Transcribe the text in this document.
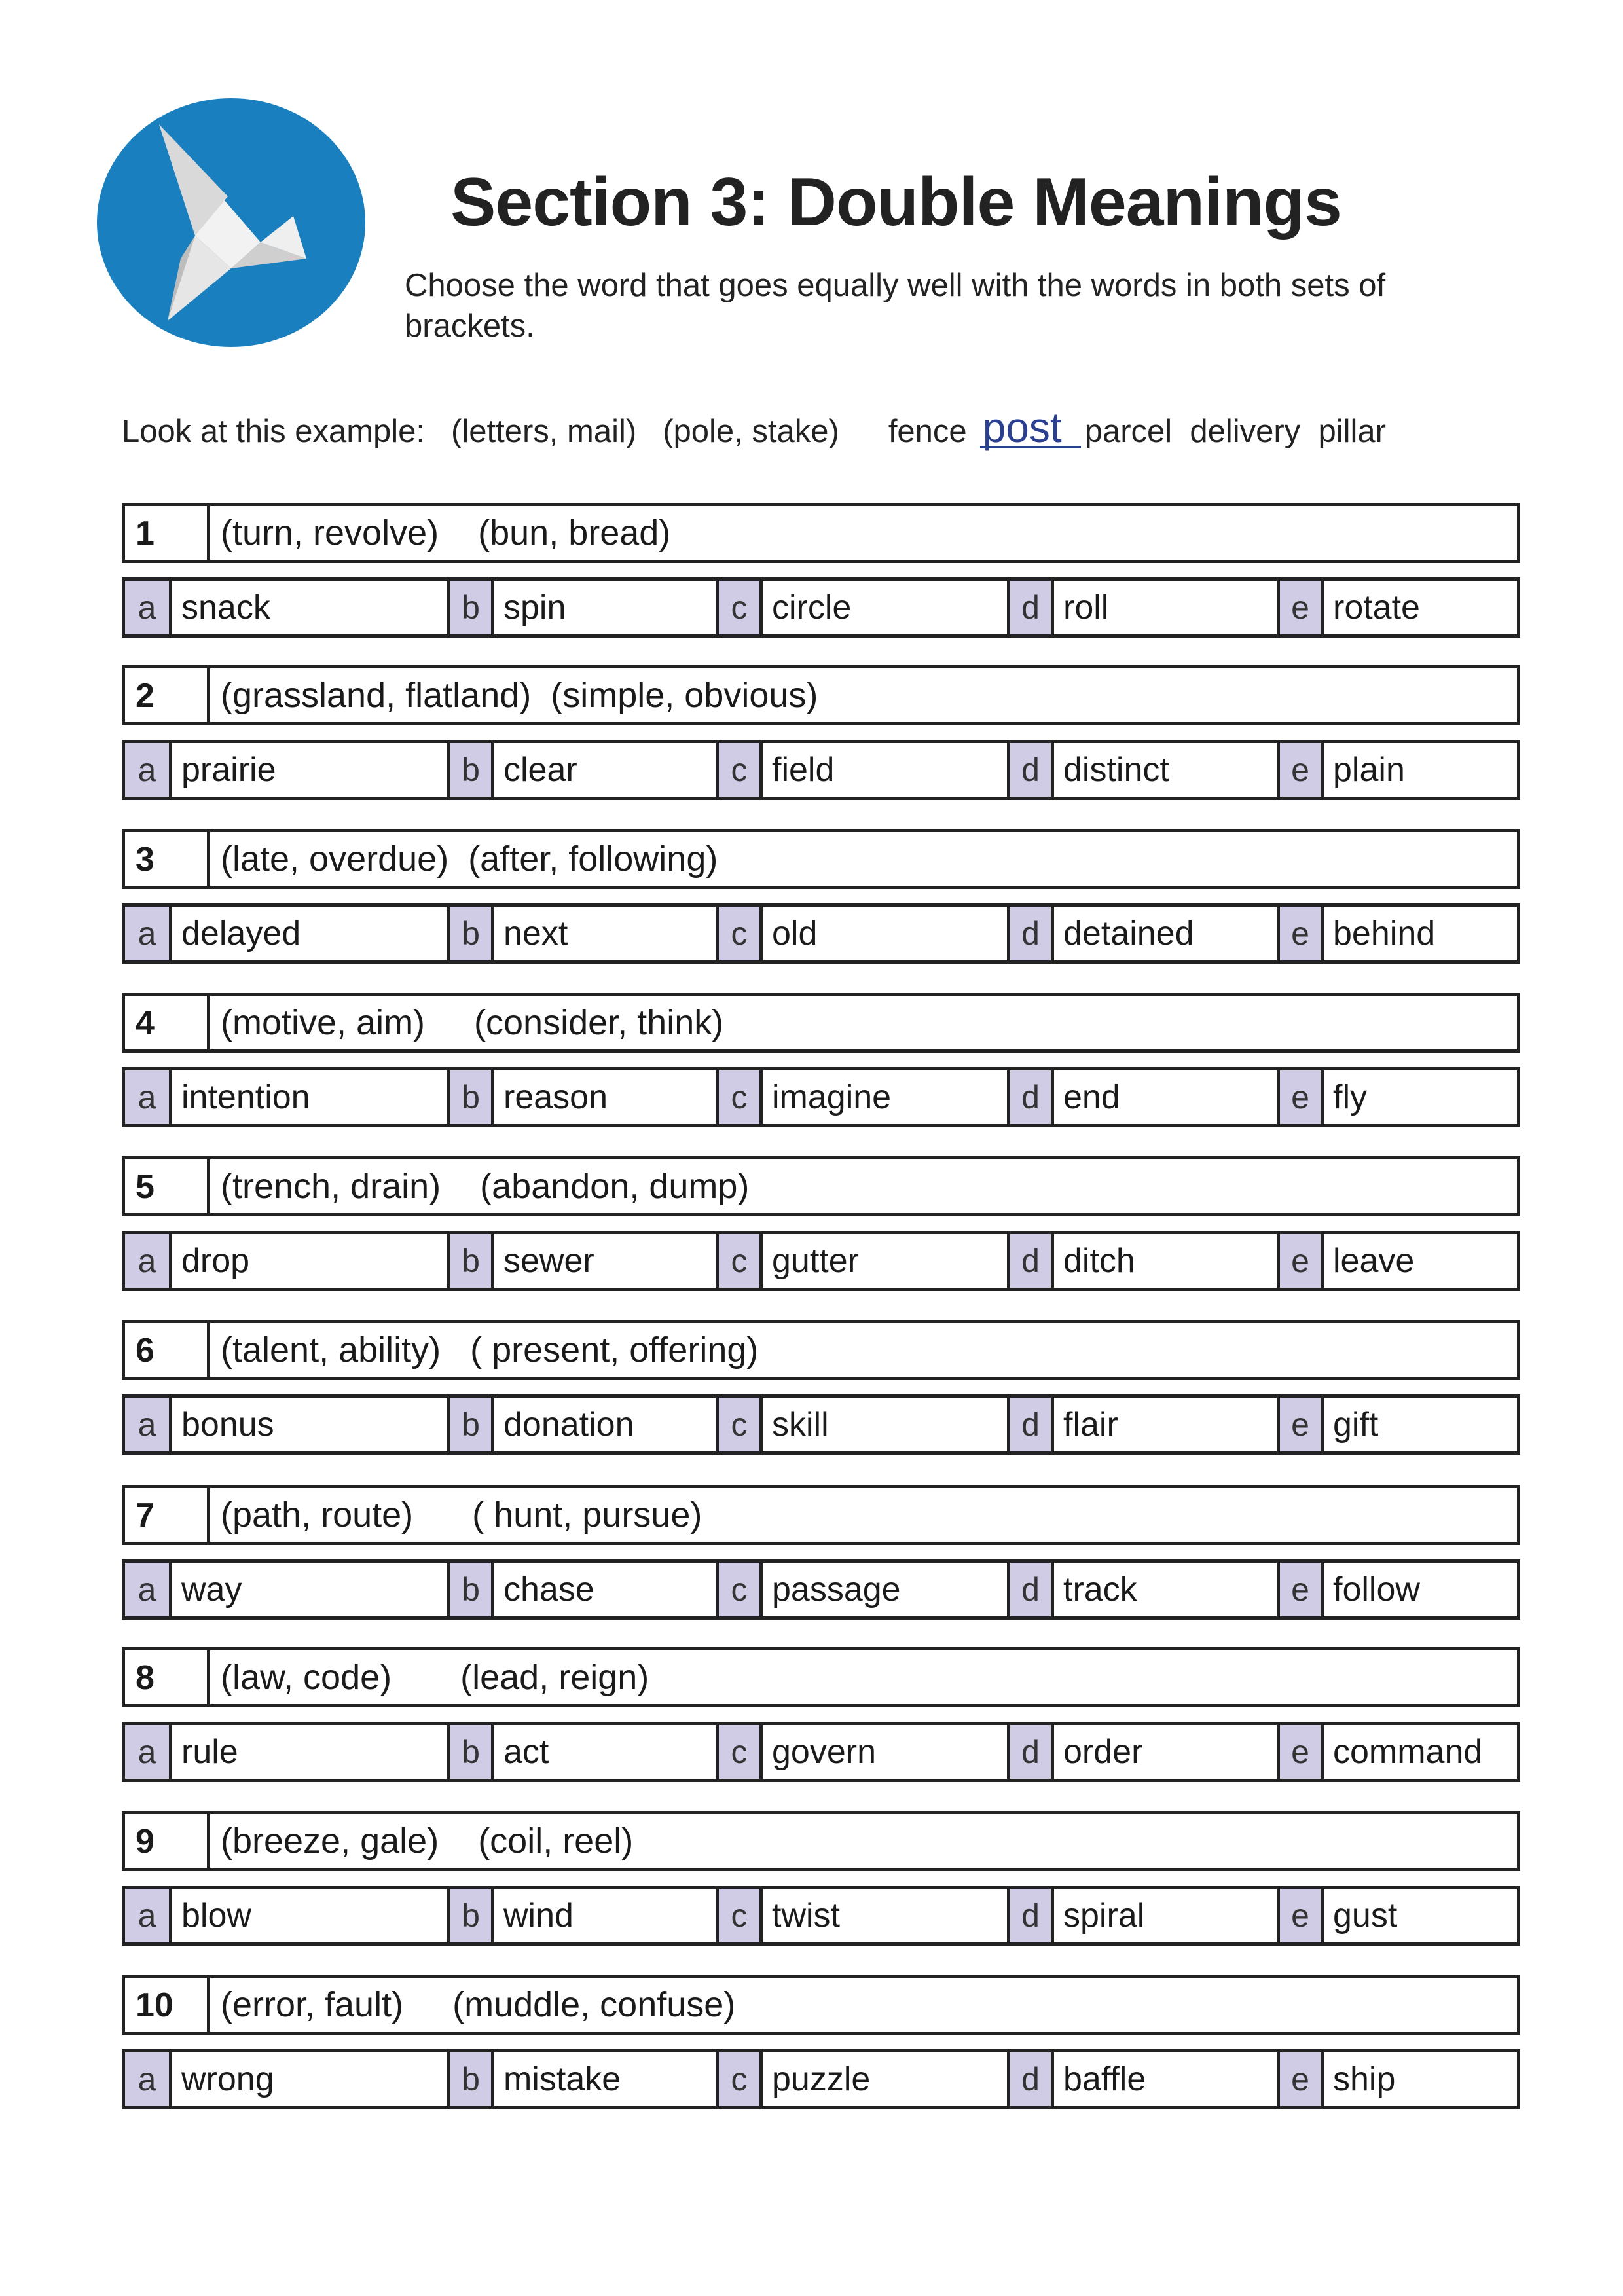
Section 3: Double Meanings
Choose the word that goes equally well with the words in both sets of brackets.
Look at this example: (letters, mail) (pole, stake) fence post parcel  delivery  pillar
1	(turn, revolve)    (bun, bread)
a snack	b spin	c circle	d roll	e rotate
2	(grassland, flatland)  (simple, obvious)
a prairie	b clear	c field	d distinct	e plain
3	(late, overdue)  (after, following)
a delayed	b next	c old	d detained	e behind
4	(motive, aim)     (consider, think)
a intention	b reason	c imagine	d end	e fly
5	(trench, drain)    (abandon, dump)
a drop	b sewer	c gutter	d ditch	e leave
6	(talent, ability)   ( present, offering)
a bonus	b donation	c skill	d flair	e gift
7	(path, route)      ( hunt, pursue)
a way	b chase	c passage	d track	e follow
8	(law, code)       (lead, reign)
a rule	b act	c govern	d order	e command
9	(breeze, gale)    (coil, reel)
a blow	b wind	c twist	d spiral	e gust
10	(error, fault)     (muddle, confuse)
a wrong	b mistake	c puzzle	d baffle	e ship
